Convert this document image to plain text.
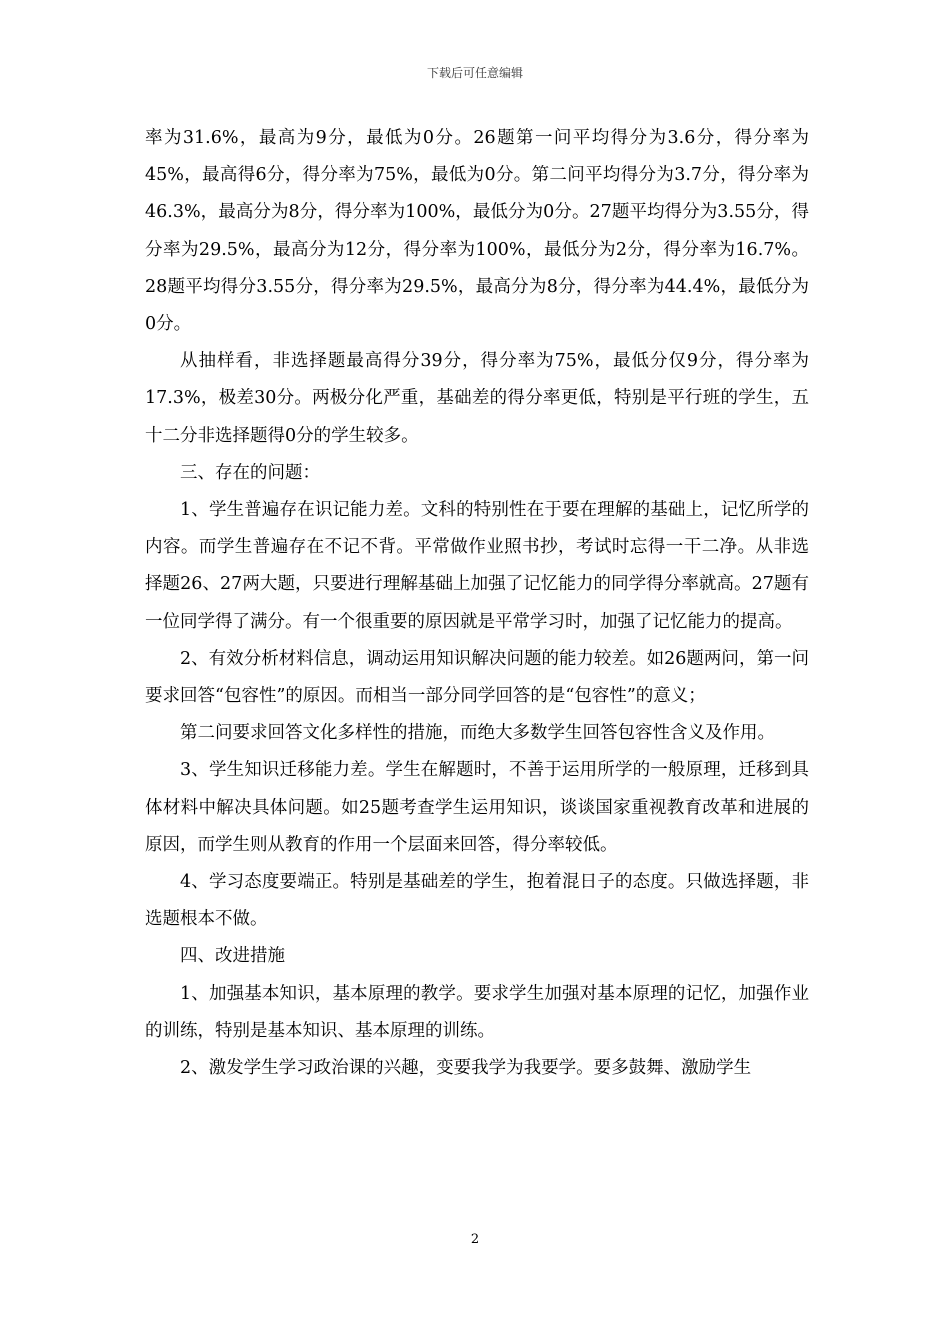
下载后可任意编辑

率为31.6%，最高为9分，最低为0分。26题第一问平均得分为3.6分，得分率为45%，最高得6分，得分率为75%，最低为0分。第二问平均得分为3.7分，得分率为46.3%，最高分为8分，得分率为100%，最低分为0分。27题平均得分为3.55分，得分率为29.5%，最高分为12分，得分率为100%，最低分为2分，得分率为16.7%。28题平均得分3.55分，得分率为29.5%，最高分为8分，得分率为44.4%，最低分为0分。

从抽样看，非选择题最高得分39分，得分率为75%，最低分仅9分，得分率为17.3%，极差30分。两极分化严重，基础差的得分率更低，特别是平行班的学生，五十二分非选择题得0分的学生较多。

三、存在的问题：

1、学生普遍存在识记能力差。文科的特别性在于要在理解的基础上，记忆所学的内容。而学生普遍存在不记不背。平常做作业照书抄，考试时忘得一干二净。从非选择题26、27两大题，只要进行理解基础上加强了记忆能力的同学得分率就高。27题有一位同学得了满分。有一个很重要的原因就是平常学习时，加强了记忆能力的提高。

2、有效分析材料信息，调动运用知识解决问题的能力较差。如26题两问，第一问要求回答“包容性”的原因。而相当一部分同学回答的是“包容性”的意义；

第二问要求回答文化多样性的措施，而绝大多数学生回答包容性含义及作用。

3、学生知识迁移能力差。学生在解题时，不善于运用所学的一般原理，迁移到具体材料中解决具体问题。如25题考查学生运用知识，谈谈国家重视教育改革和进展的原因，而学生则从教育的作用一个层面来回答，得分率较低。

4、学习态度要端正。特别是基础差的学生，抱着混日子的态度。只做选择题，非选题根本不做。

四、改进措施

1、加强基本知识，基本原理的教学。要求学生加强对基本原理的记忆，加强作业的训练，特别是基本知识、基本原理的训练。

2、激发学生学习政治课的兴趣，变要我学为我要学。要多鼓舞、激励学生

2
